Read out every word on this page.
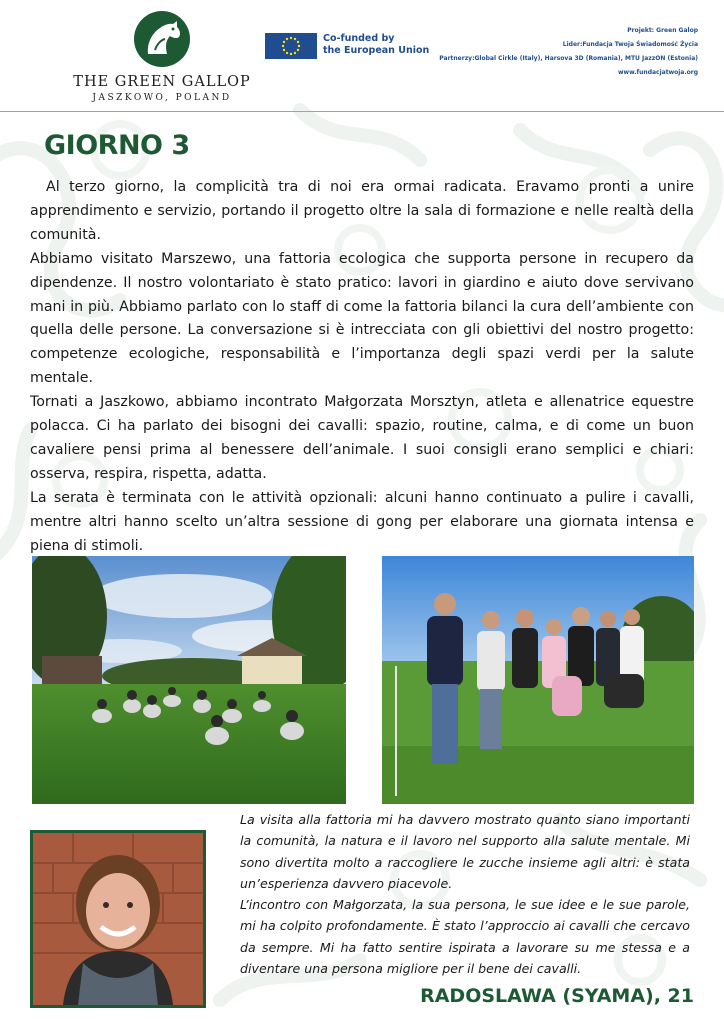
THE GREEN GALLOP
JASZKOWO, POLAND
Co-funded by
the European Union
Projekt: Green Galop
Lider:Fundacja Twoja Świadomość Życia
Partnerzy:Global Cirkle (Italy), Harsova 3D (Romania), MTU JazzON (Estonia)
www.fundacjatwoja.org
GIORNO 3

Al terzo giorno, la complicità tra di noi era ormai radicata. Eravamo pronti a unire apprendimento e servizio, portando il progetto oltre la sala di formazione e nelle realtà della comunità.

Abbiamo visitato Marszewo, una fattoria ecologica che supporta persone in recupero da dipendenze. Il nostro volontariato è stato pratico: lavori in giardino e aiuto dove servivano mani in più. Abbiamo parlato con lo staff di come la fattoria bilanci la cura dell’ambiente con quella delle persone. La conversazione si è intrecciata con gli obiettivi del nostro progetto: competenze ecologiche, responsabilità e l’importanza degli spazi verdi per la salute mentale.

Tornati a Jaszkowo, abbiamo incontrato Małgorzata Morsztyn, atleta e allenatrice equestre polacca. Ci ha parlato dei bisogni dei cavalli: spazio, routine, calma, e di come un buon cavaliere pensi prima al benessere dell’animale. I suoi consigli erano semplici e chiari: osserva, respira, rispetta, adatta.

La serata è terminata con le attività opzionali: alcuni hanno continuato a pulire i cavalli, mentre altri hanno scelto un’altra sessione di gong per elaborare una giornata intensa e piena di stimoli.

La visita alla fattoria mi ha davvero mostrato quanto siano importanti la comunità, la natura e il lavoro nel supporto alla salute mentale. Mi sono divertita molto a raccogliere le zucche insieme agli altri: è stata un’esperienza davvero piacevole.

L’incontro con Małgorzata, la sua persona, le sue idee e le sue parole, mi ha colpito profondamente. È stato l’approccio ai cavalli che cercavo da sempre. Mi ha fatto sentire ispirata a lavorare su me stessa e a diventare una persona migliore per il bene dei cavalli.

RADOSLAWA (SYAMA), 21
